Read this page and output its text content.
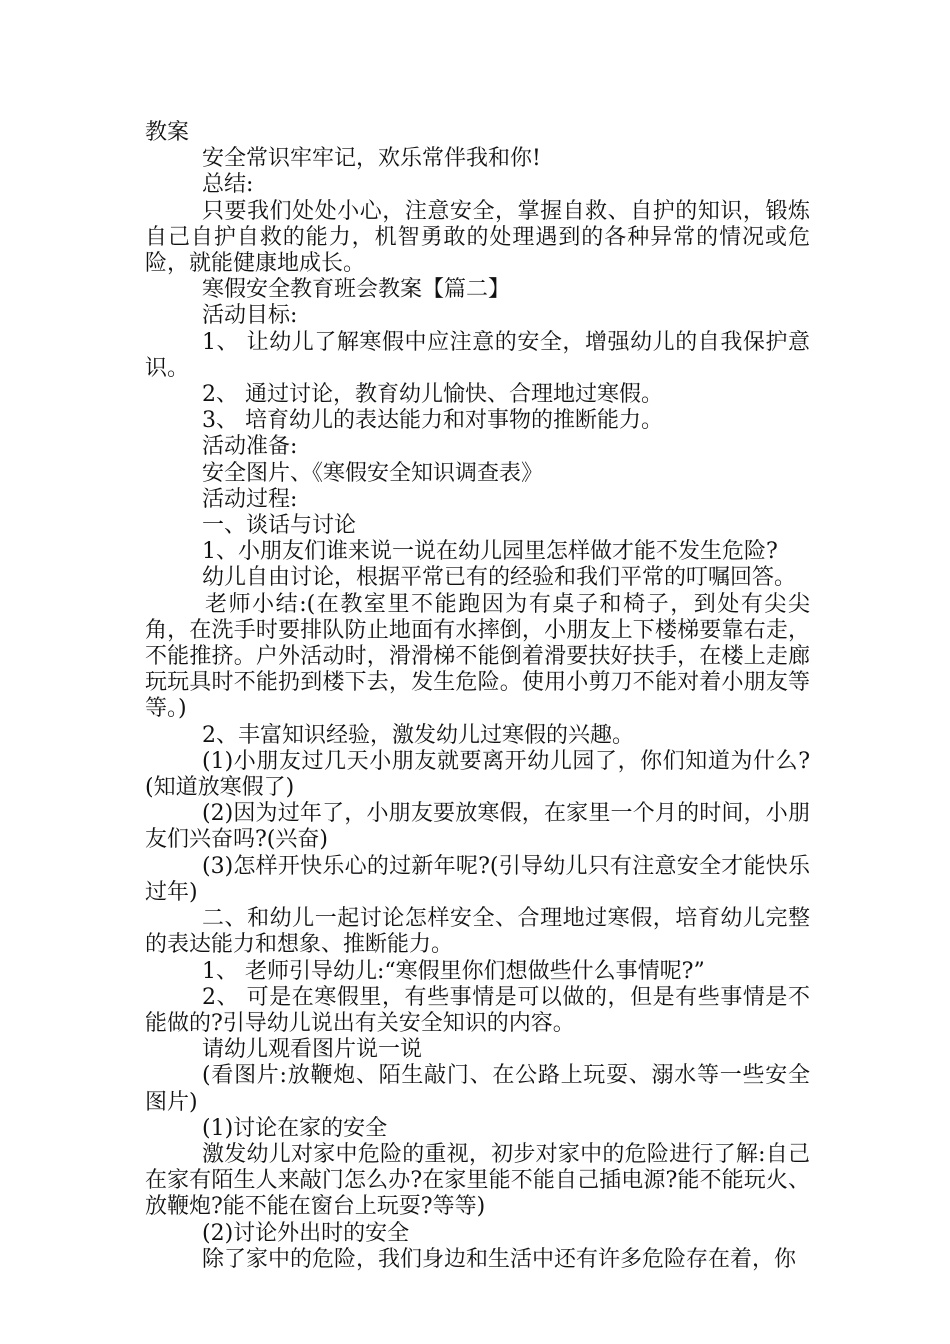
教案

安全常识牢牢记，欢乐常伴我和你!

总结:

只要我们处处小心，注意安全，掌握自救、自护的知识，锻炼自己自护自救的能力，机智勇敢的处理遇到的各种异常的情况或危险，就能健康地成长。

寒假安全教育班会教案【篇二】

活动目标:

1、 让幼儿了解寒假中应注意的安全，增强幼儿的自我保护意识。

2、 通过讨论，教育幼儿愉快、合理地过寒假。

3、 培育幼儿的表达能力和对事物的推断能力。

活动准备:

安全图片、《寒假安全知识调查表》

活动过程:

一、谈话与讨论

1、小朋友们谁来说一说在幼儿园里怎样做才能不发生危险?

幼儿自由讨论，根据平常已有的经验和我们平常的叮嘱回答。

老师小结:(在教室里不能跑因为有桌子和椅子，到处有尖尖角，在洗手时要排队防止地面有水摔倒，小朋友上下楼梯要靠右走，不能推挤。户外活动时，滑滑梯不能倒着滑要扶好扶手，在楼上走廊玩玩具时不能扔到楼下去，发生危险。使用小剪刀不能对着小朋友等等。)

2、丰富知识经验，激发幼儿过寒假的兴趣。

(1)小朋友过几天小朋友就要离开幼儿园了，你们知道为什么?(知道放寒假了)

(2)因为过年了，小朋友要放寒假，在家里一个月的时间，小朋友们兴奋吗?(兴奋)

(3)怎样开快乐心的过新年呢?(引导幼儿只有注意安全才能快乐过年)

二、和幼儿一起讨论怎样安全、合理地过寒假，培育幼儿完整的表达能力和想象、推断能力。

1、 老师引导幼儿:“寒假里你们想做些什么事情呢?”

2、 可是在寒假里，有些事情是可以做的，但是有些事情是不能做的?引导幼儿说出有关安全知识的内容。

请幼儿观看图片说一说

(看图片:放鞭炮、陌生敲门、在公路上玩耍、溺水等一些安全图片)

(1)讨论在家的安全

激发幼儿对家中危险的重视，初步对家中的危险进行了解:自己在家有陌生人来敲门怎么办?在家里能不能自己插电源?能不能玩火、放鞭炮?能不能在窗台上玩耍?等等)

(2)讨论外出时的安全

除了家中的危险，我们身边和生活中还有许多危险存在着，你
